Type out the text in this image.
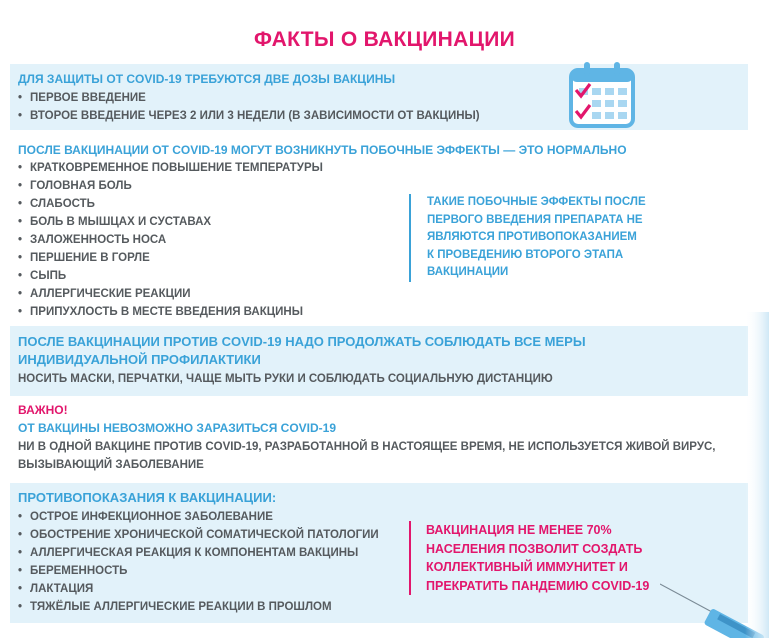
ФАКТЫ О ВАКЦИНАЦИИ
ДЛЯ ЗАЩИТЫ ОТ COVID-19 ТРЕБУЮТСЯ ДВЕ ДОЗЫ ВАКЦИНЫ
• ПЕРВОЕ ВВЕДЕНИЕ
• ВТОРОЕ ВВЕДЕНИЕ ЧЕРЕЗ 2 ИЛИ 3 НЕДЕЛИ (В ЗАВИСИМОСТИ ОТ ВАКЦИНЫ)
ПОСЛЕ ВАКЦИНАЦИИ ОТ COVID-19 МОГУТ ВОЗНИКНУТЬ ПОБОЧНЫЕ ЭФФЕКТЫ — ЭТО НОРМАЛЬНО
• КРАТКОВРЕМЕННОЕ ПОВЫШЕНИЕ ТЕМПЕРАТУРЫ
• ГОЛОВНАЯ БОЛЬ
• СЛАБОСТЬ
• БОЛЬ В МЫШЦАХ И СУСТАВАХ
• ЗАЛОЖЕННОСТЬ НОСА
• ПЕРШЕНИЕ В ГОРЛЕ
• СЫПЬ
• АЛЛЕРГИЧЕСКИЕ РЕАКЦИИ
• ПРИПУХЛОСТЬ В МЕСТЕ ВВЕДЕНИЯ ВАКЦИНЫ
ТАКИЕ ПОБОЧНЫЕ ЭФФЕКТЫ ПОСЛЕ
ПЕРВОГО ВВЕДЕНИЯ ПРЕПАРАТА НЕ
ЯВЛЯЮТСЯ ПРОТИВОПОКАЗАНИЕМ
К ПРОВЕДЕНИЮ ВТОРОГО ЭТАПА
ВАКЦИНАЦИИ
ПОСЛЕ ВАКЦИНАЦИИ ПРОТИВ COVID-19 НАДО ПРОДОЛЖАТЬ СОБЛЮДАТЬ ВСЕ МЕРЫ
ИНДИВИДУАЛЬНОЙ ПРОФИЛАКТИКИ
НОСИТЬ МАСКИ, ПЕРЧАТКИ, ЧАЩЕ МЫТЬ РУКИ И СОБЛЮДАТЬ СОЦИАЛЬНУЮ ДИСТАНЦИЮ
ВАЖНО!
ОТ ВАКЦИНЫ НЕВОЗМОЖНО ЗАРАЗИТЬСЯ COVID-19
НИ В ОДНОЙ ВАКЦИНЕ ПРОТИВ COVID-19, РАЗРАБОТАННОЙ В НАСТОЯЩЕЕ ВРЕМЯ, НЕ ИСПОЛЬЗУЕТСЯ ЖИВОЙ ВИРУС,
ВЫЗЫВАЮЩИЙ ЗАБОЛЕВАНИЕ
ПРОТИВОПОКАЗАНИЯ К ВАКЦИНАЦИИ:
• ОСТРОЕ ИНФЕКЦИОННОЕ ЗАБОЛЕВАНИЕ
• ОБОСТРЕНИЕ ХРОНИЧЕСКОЙ СОМАТИЧЕСКОЙ ПАТОЛОГИИ
• АЛЛЕРГИЧЕСКАЯ РЕАКЦИЯ К КОМПОНЕНТАМ ВАКЦИНЫ
• БЕРЕМЕННОСТЬ
• ЛАКТАЦИЯ
• ТЯЖЁЛЫЕ АЛЛЕРГИЧЕСКИЕ РЕАКЦИИ В ПРОШЛОМ
ВАКЦИНАЦИЯ НЕ МЕНЕЕ 70%
НАСЕЛЕНИЯ ПОЗВОЛИТ СОЗДАТЬ
КОЛЛЕКТИВНЫЙ ИММУНИТЕТ И
ПРЕКРАТИТЬ ПАНДЕМИЮ COVID-19
